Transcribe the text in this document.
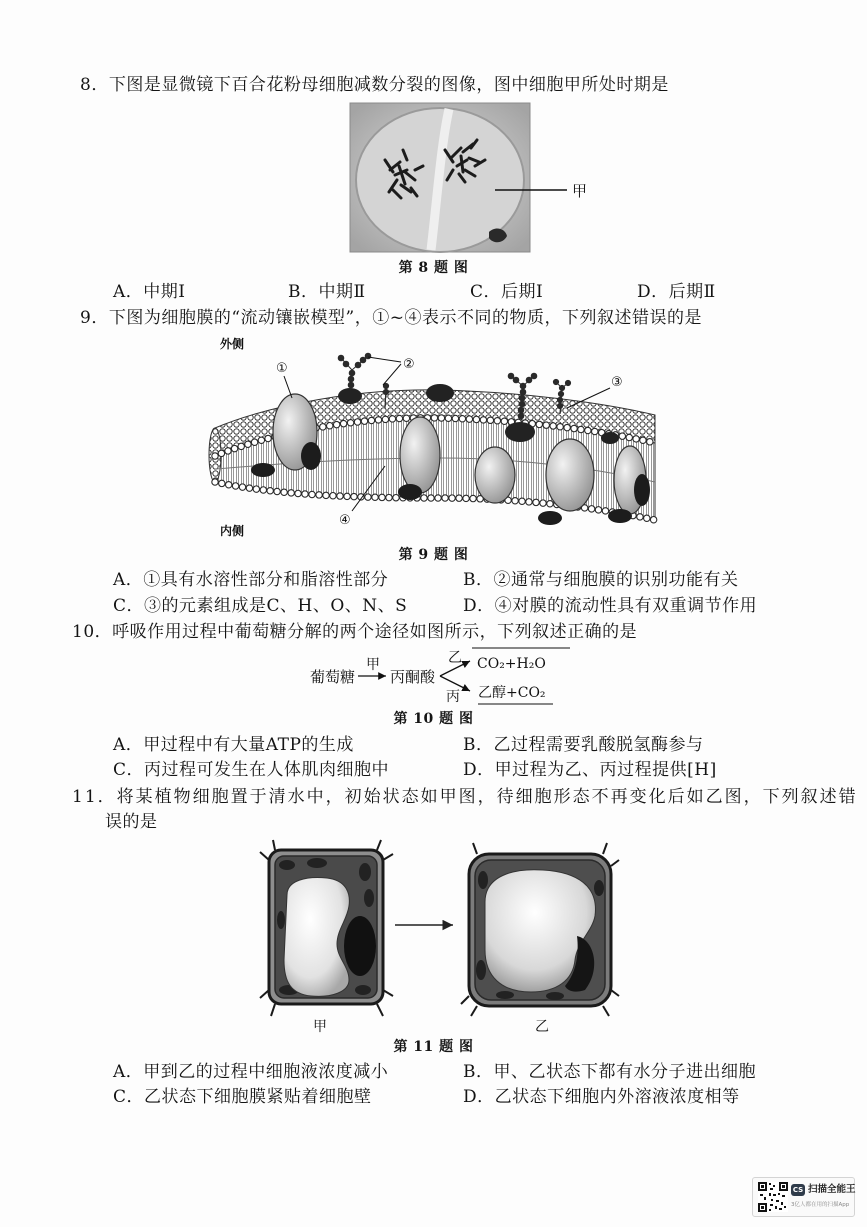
8．下图是显微镜下百合花粉母细胞减数分裂的图像，图中细胞甲所处时期是
甲
第 8 题 图
A．中期Ⅰ	B．中期Ⅱ	C．后期Ⅰ	D．后期Ⅱ
9．下图为细胞膜的“流动镶嵌模型”，①~④表示不同的物质，下列叙述错误的是
外侧
内侧
①	②
③
④
第 9 题 图
A．①具有水溶性部分和脂溶性部分	B．②通常与细胞膜的识别功能有关
C．③的元素组成是C、H、O、N、S	D．④对膜的流动性具有双重调节作用
10．呼吸作用过程中葡萄糖分解的两个途径如图所示，下列叙述正确的是
葡萄糖
甲
丙酮酸
乙
丙
CO₂+H₂O
乙醇+CO₂
第 10 题 图
A．甲过程中有大量ATP的生成	B．乙过程需要乳酸脱氢酶参与
C．丙过程可发生在人体肌肉细胞中	D．甲过程为乙、丙过程提供[H]
11．将某植物细胞置于清水中，初始状态如甲图，待细胞形态不再变化后如乙图，下列叙述错
误的是
甲	乙
第 11 题 图
A．甲到乙的过程中细胞液浓度减小	B．甲、乙状态下都有水分子进出细胞
C．乙状态下细胞膜紧贴着细胞壁	D．乙状态下细胞内外溶液浓度相等
CS 扫描全能王
3亿人都在用的扫描App
